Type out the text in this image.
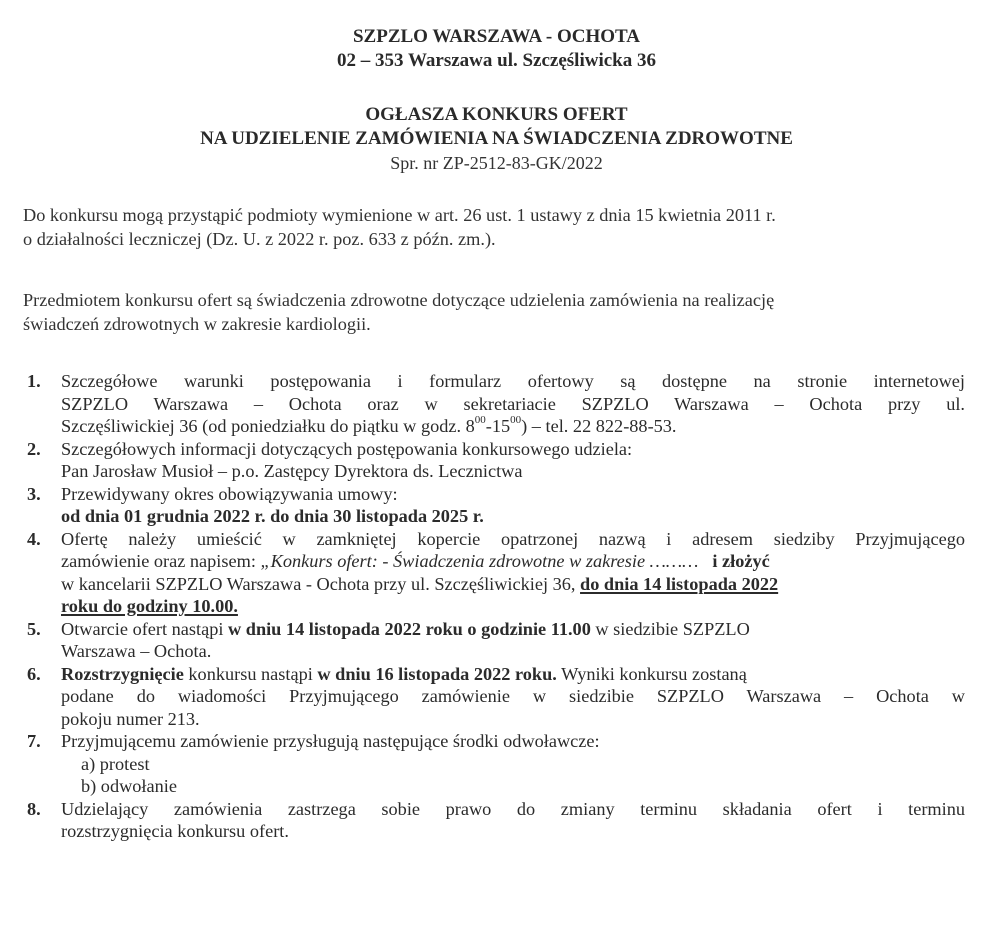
SZPZLO WARSZAWA - OCHOTA
02 – 353 Warszawa ul. Szczęśliwicka 36
OGŁASZA KONKURS OFERT
NA UDZIELENIE ZAMÓWIENIA NA ŚWIADCZENIA ZDROWOTNE
Spr. nr ZP-2512-83-GK/2022
Do konkursu mogą przystąpić podmioty wymienione w art. 26 ust. 1 ustawy z dnia 15 kwietnia 2011 r.
o działalności leczniczej (Dz. U. z 2022 r. poz. 633 z późn. zm.).
Przedmiotem konkursu ofert są świadczenia zdrowotne dotyczące udzielenia zamówienia na realizację
świadczeń zdrowotnych w zakresie kardiologii.
1. Szczegółowe warunki postępowania i formularz ofertowy są dostępne na stronie internetowej
SZPZLO Warszawa – Ochota oraz w sekretariacie SZPZLO Warszawa – Ochota przy ul.
Szczęśliwickiej 36 (od poniedziałku do piątku w godz. $8^{00}-15^{00}$) – tel. 22 822-88-53.
2. Szczegółowych informacji dotyczących postępowania konkursowego udziela:
Pan Jarosław Musioł – p.o. Zastępcy Dyrektora ds. Lecznictwa
3. Przewidywany okres obowiązywania umowy:
od dnia 01 grudnia 2022 r. do dnia 30 listopada 2025 r.
4. Ofertę należy umieścić w zamkniętej kopercie opatrzonej nazwą i adresem siedziby Przyjmującego
zamówienie oraz napisem: „Konkurs ofert: - Świadczenia zdrowotne w zakresie ……… i złożyć
w kancelarii SZPZLO Warszawa - Ochota przy ul. Szczęśliwickiej 36, do dnia 14 listopada 2022
roku do godziny 10.00.
5. Otwarcie ofert nastąpi w dniu 14 listopada 2022 roku o godzinie 11.00 w siedzibie SZPZLO
Warszawa – Ochota.
6. Rozstrzygnięcie konkursu nastąpi w dniu 16 listopada 2022 roku. Wyniki konkursu zostaną
podane do wiadomości Przyjmującego zamówienie w siedzibie SZPZLO Warszawa – Ochota w
pokoju numer 213.
7. Przyjmującemu zamówienie przysługują następujące środki odwoławcze:
a) protest
b) odwołanie
8. Udzielający zamówienia zastrzega sobie prawo do zmiany terminu składania ofert i terminu
rozstrzygnięcia konkursu ofert.
